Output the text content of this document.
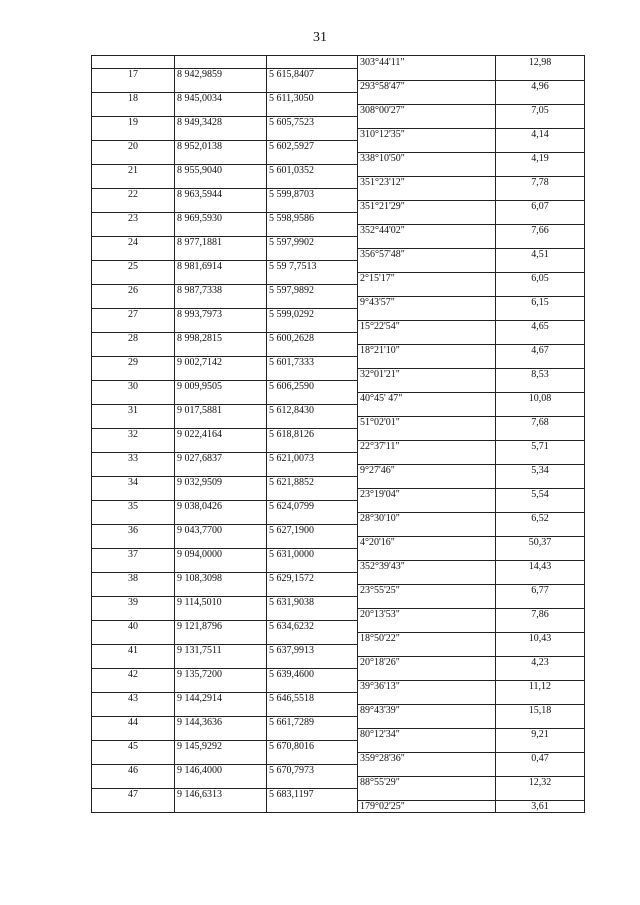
31
			303°44'11"	12,98
17	8 942,9859	5 615,8407		
			293°58'47"	4,96
18	8 945,0034	5 611,3050		
			308°00'27"	7,05
19	8 949,3428	5 605,7523		
			310°12'35"	4,14
20	8 952,0138	5 602,5927		
			338°10'50"	4,19
21	8 955,9040	5 601,0352		
			351°23'12"	7,78
22	8 963,5944	5 599,8703		
			351°21'29"	6,07
23	8 969,5930	5 598,9586		
			352°44'02"	7,66
24	8 977,1881	5 597,9902		
			356°57'48"	4,51
25	8 981,6914	5 59 7,7513		
			2°15'17"	6,05
26	8 987,7338	5 597,9892		
			9°43'57"	6,15
27	8 993,7973	5 599,0292		
			15°22'54"	4,65
28	8 998,2815	5 600,2628		
			18°21'10"	4,67
29	9 002,7142	5 601,7333		
			32°01'21"	8,53
30	9 009,9505	5 606,2590		
			40°45' 47"	10,08
31	9 017,5881	5 612,8430		
			51°02'01"	7,68
32	9 022,4164	5 618,8126		
			22°37'11"	5,71
33	9 027,6837	5 621,0073		
			9°27'46"	5,34
34	9 032,9509	5 621,8852		
			23°19'04"	5,54
35	9 038,0426	5 624,0799		
			28°30'10"	6,52
36	9 043,7700	5 627,1900		
			4°20'16"	50,37
37	9 094,0000	5 631,0000		
			352°39'43"	14,43
38	9 108,3098	5 629,1572		
			23°55'25"	6,77
39	9 114,5010	5 631,9038		
			20°13'53"	7,86
40	9 121,8796	5 634,6232		
			18°50'22"	10,43
41	9 131,7511	5 637,9913		
			20°18'26"	4,23
42	9 135,7200	5 639,4600		
			39°36'13"	11,12
43	9 144,2914	5 646,5518		
			89°43'39"	15,18
44	9 144,3636	5 661,7289		
			80°12'34"	9,21
45	9 145,9292	5 670,8016		
			359°28'36"	0,47
46	9 146,4000	5 670,7973		
			88°55'29"	12,32
47	9 146,6313	5 683,1197		
			179°02'25"	3,61
